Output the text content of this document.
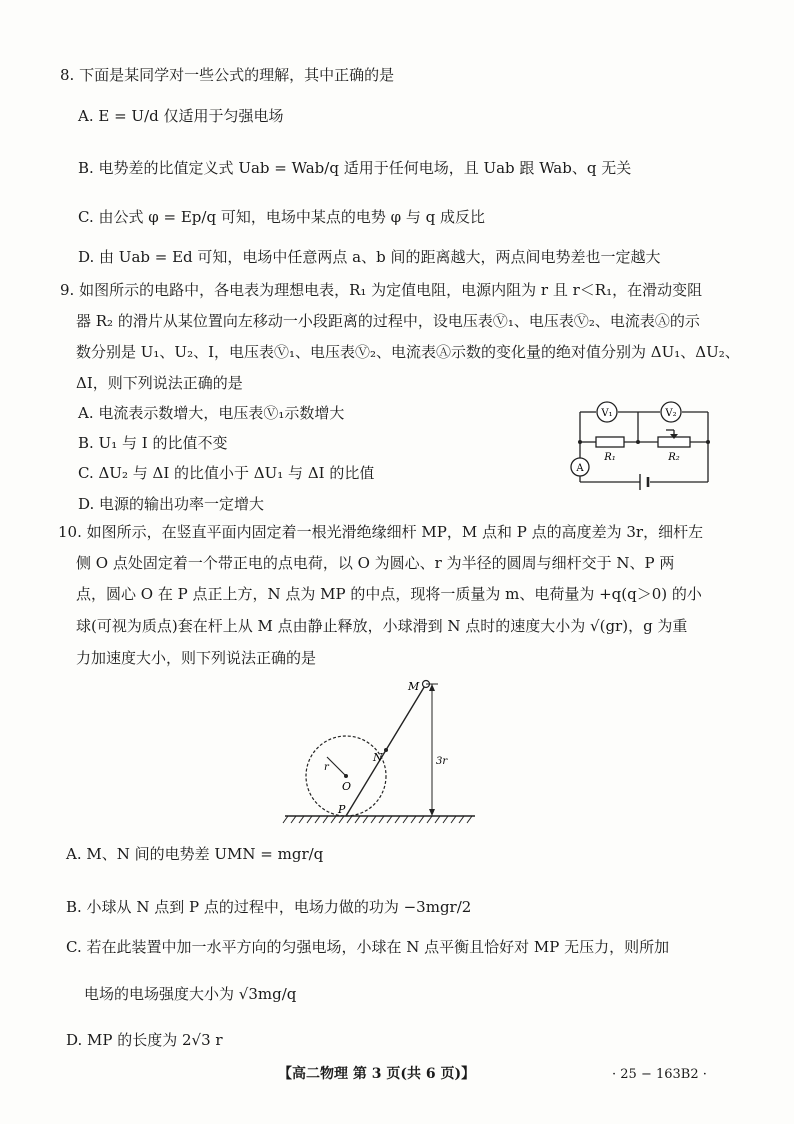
8. 下面是某同学对一些公式的理解，其中正确的是
A. E = U/d 仅适用于匀强电场
B. 电势差的比值定义式 Uab = Wab/q 适用于任何电场，且 Uab 跟 Wab、q 无关
C. 由公式 φ = Ep/q 可知，电场中某点的电势 φ 与 q 成反比
D. 由 Uab = Ed 可知，电场中任意两点 a、b 间的距离越大，两点间电势差也一定越大
9. 如图所示的电路中，各电表为理想电表，R₁ 为定值电阻，电源内阻为 r 且 r＜R₁，在滑动变阻
器 R₂ 的滑片从某位置向左移动一小段距离的过程中，设电压表Ⓥ₁、电压表Ⓥ₂、电流表Ⓐ的示
数分别是 U₁、U₂、I，电压表Ⓥ₁、电压表Ⓥ₂、电流表Ⓐ示数的变化量的绝对值分别为 ΔU₁、ΔU₂、
ΔI，则下列说法正确的是
A. 电流表示数增大，电压表Ⓥ₁示数增大
B. U₁ 与 I 的比值不变
C. ΔU₂ 与 ΔI 的比值小于 ΔU₁ 与 ΔI 的比值
D. 电源的输出功率一定增大
V₁	V₂
A
R₁	R₂
10. 如图所示，在竖直平面内固定着一根光滑绝缘细杆 MP，M 点和 P 点的高度差为 3r，细杆左
侧 O 点处固定着一个带正电的点电荷，以 O 为圆心、r 为半径的圆周与细杆交于 N、P 两
点，圆心 O 在 P 点正上方，N 点为 MP 的中点，现将一质量为 m、电荷量为 +q(q＞0) 的小
球(可视为质点)套在杆上从 M 点由静止释放，小球滑到 N 点时的速度大小为 √(gr)，g 为重
力加速度大小，则下列说法正确的是
M
N
O
P
r
3r
A. M、N 间的电势差 UMN = mgr/q
B. 小球从 N 点到 P 点的过程中，电场力做的功为 −3mgr/2
C. 若在此装置中加一水平方向的匀强电场，小球在 N 点平衡且恰好对 MP 无压力，则所加
电场的电场强度大小为 √3mg/q
D. MP 的长度为 2√3 r
【高二物理 第 3 页(共 6 页)】	· 25 − 163B2 ·
